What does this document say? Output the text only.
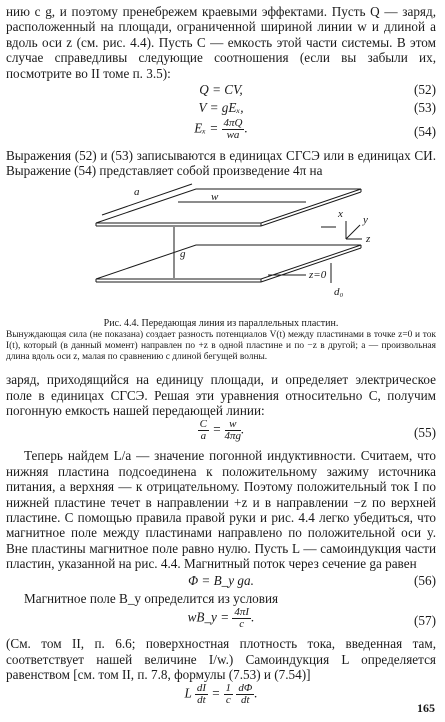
нию с g, и поэтому пренебрежем краевыми эффектами. Пусть Q — заряд, расположенный на площади, ограниченной шириной линии w и длиной a вдоль оси z (см. рис. 4.4). Пусть C — емкость этой части системы. В этом случае справедливы следующие соотношения (если вы забыли их, посмотрите во II томе п. 3.5):

Q = CV,	(52)
V = gEₓ,	(53)
$E_x = \frac{4\pi Q}{wa}$ .	(54)

Выражения (52) и (53) записываются в единицах СГСЭ или в единицах СИ. Выражение (54) представляет собой произведение 4π на

a	w
g
x y
z
d₀
z=0
Рис. 4.4. Передающая линия из параллельных пластин.
Вынуждающая сила (не показана) создает разность потенциалов V(t) между пластинами в точке z=0 и ток I(t), который (в данный момент) направлен по +z в одной пластине и по −z в другой; a — произвольная длина вдоль оси z, малая по сравнению с длиной бегущей волны.

заряд, приходящийся на единицу площади, и определяет электрическое поле в единицах СГСЭ. Решая эти уравнения относительно C, получим погонную емкость нашей передающей линии:

$\frac{C}{a} = \frac{w}{4\pi g}$ .	(55)

Теперь найдем L/a — значение погонной индуктивности. Считаем, что нижняя пластина подсоединена к положительному зажиму источника питания, а верхняя — к отрицательному. Поэтому положительный ток I по нижней пластине течет в направлении +z и в направлении −z по верхней пластине. С помощью правила правой руки и рис. 4.4 легко убедиться, что магнитное поле между пластинами направлено по положительной оси y. Вне пластины магнитное поле равно нулю. Пусть L — самоиндукция части пластин, указанной на рис. 4.4. Магнитный поток через сечение ga равен

Φ = B_y ga.	(56)

Магнитное поле B_y определится из условия

wB_y = $\frac{4\pi I}{c}$ .	(57)

(См. том II, п. 6.6; поверхностная плотность тока, введенная там, соответствует нашей величине I/w.) Самоиндукция L определяется равенством [см. том II, п. 7.8, формулы (7.53) и (7.54)]

L $\frac{dI}{dt} = \frac{1}{c}$
$\frac{d\Phi}{dt}$ .
165
